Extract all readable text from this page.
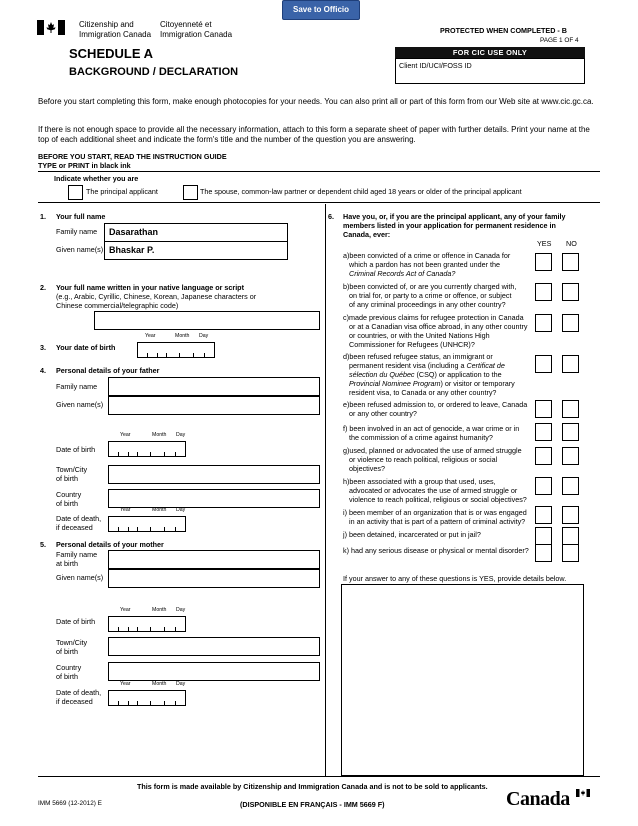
Save to Officio
Citizenship and
Immigration Canada
Citoyenneté et
Immigration Canada	PROTECTED WHEN COMPLETED - B
PAGE 1 OF 4
SCHEDULE A
BACKGROUND / DECLARATION
FOR CIC USE ONLY
Client ID/UCI/FOSS ID
Before you start completing this form, make enough photocopies for your needs. You can also print all or part of this form from our Web site at www.cic.gc.ca.
If there is not enough space to provide all the necessary information, attach to this form a separate sheet of paper with further details. Print your name at the top of each additional sheet and indicate the form's title and the number of the question you are answering.
BEFORE YOU START, READ THE INSTRUCTION GUIDE
TYPE or PRINT in black ink
Indicate whether you are
The principal applicant	The spouse, common-law partner or dependent child aged 18 years or older of the principal applicant
1. Your full name
Family name Dasarathan
Given name(s) Bhaskar P.
2. Your full name written in your native language or script
(e.g., Arabic, Cyrillic, Chinese, Korean, Japanese characters or
Chinese commercial/telegraphic code)
3. Your date of birth
Year	Month Day
4. Personal details of your father
Family name
Given name(s)
Date of birth
Year	Month Day
Town/City
of birth
Country
of birth
Date of death,
if deceased
Year	Month Day
5. Personal details of your mother
Family name
at birth
Given name(s)
Date of birth
Year	Month Day
Town/City
of birth
Country
of birth
Date of death,
if deceased
Year	Month Day
6. Have you, or, if you are the principal applicant, any of your family
members listed in your application for permanent residence in
Canada, ever:
YES NO
a)been convicted of a crime or offence in Canada for
which a pardon has not been granted under the
Criminal Records Act of Canada?
b)been convicted of, or are you currently charged with,
on trial for, or party to a crime or offence, or subject
of any criminal proceedings in any other country?
c)made previous claims for refugee protection in Canada
or at a Canadian visa office abroad, in any other country
or countries, or with the United Nations High
Commissioner for Refugees (UNHCR)?
d)been refused refugee status, an immigrant or
permanent resident visa (including a Certificat de
sélection du Québec (CSQ) or application to the
Provincial Nominee Program) or visitor or temporary
resident visa, to Canada or any other country?
e)been refused admission to, or ordered to leave, Canada
or any other country?
f) been involved in an act of genocide, a war crime or in
the commission of a crime against humanity?
g)used, planned or advocated the use of armed struggle
or violence to reach political, religious or social
objectives?
h)been associated with a group that used, uses,
advocated or advocates the use of armed struggle or
violence to reach political, religious or social objectives?
i) been member of an organization that is or was engaged
in an activity that is part of a pattern of criminal activity?
j) been detained, incarcerated or put in jail?
k) had any serious disease or physical or mental disorder?
If your answer to any of these questions is YES, provide details below.
This form is made available by Citizenship and Immigration Canada and is not to be sold to applicants.
IMM 5669 (12-2012) E	(DISPONIBLE EN FRANÇAIS - IMM 5669 F)	Canada
